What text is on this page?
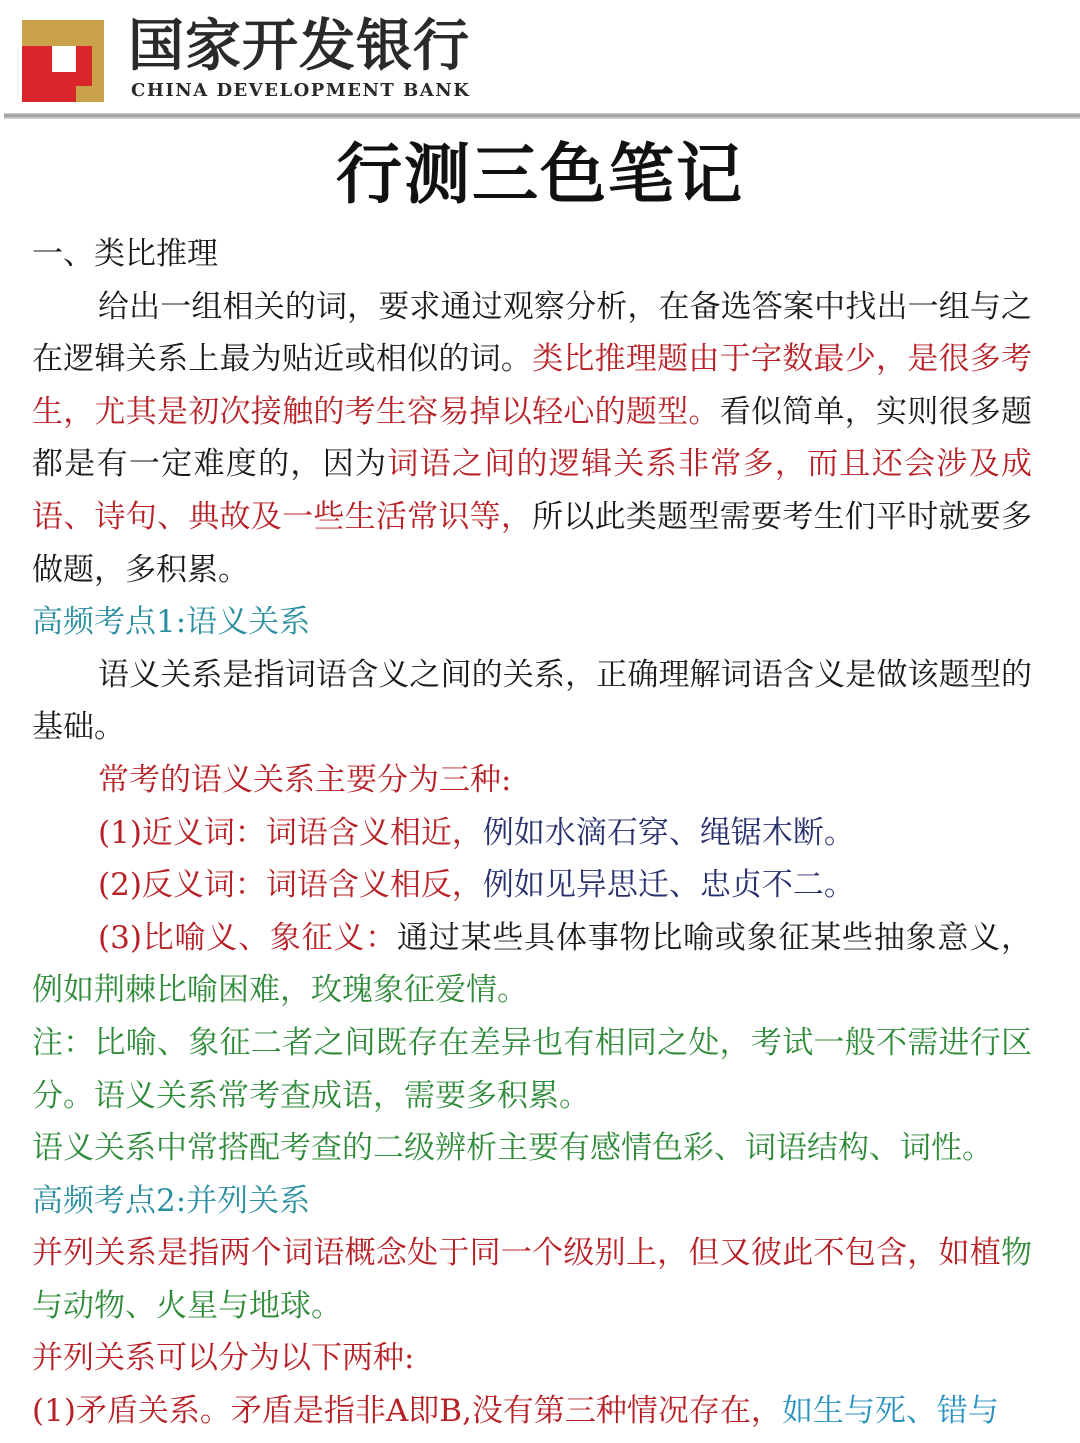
国家开发银行
CHINA DEVELOPMENT BANK
行测三色笔记

一、类比推理

给出一组相关的词，要求通过观察分析，在备选答案中找出一组与之在逻辑关系上最为贴近或相似的词。类比推理题由于字数最少，是很多考生，尤其是初次接触的考生容易掉以轻心的题型。看似简单，实则很多题都是有一定难度的，因为词语之间的逻辑关系非常多，而且还会涉及成语、诗句、典故及一些生活常识等，所以此类题型需要考生们平时就要多做题，多积累。

高频考点1:语义关系

语义关系是指词语含义之间的关系，正确理解词语含义是做该题型的基础。

常考的语义关系主要分为三种:

(1)近义词：词语含义相近，例如水滴石穿、绳锯木断。

(2)反义词：词语含义相反，例如见异思迁、忠贞不二。

(3)比喻义、象征义：通过某些具体事物比喻或象征某些抽象意义，例如荆棘比喻困难，玫瑰象征爱情。

注：比喻、象征二者之间既存在差异也有相同之处，考试一般不需进行区分。语义关系常考查成语，需要多积累。

语义关系中常搭配考查的二级辨析主要有感情色彩、词语结构、词性。

高频考点2:并列关系

并列关系是指两个词语概念处于同一个级别上，但又彼此不包含，如植物与动物、火星与地球。

并列关系可以分为以下两种:

(1)矛盾关系。矛盾是指非A即B,没有第三种情况存在，如生与死、错与
